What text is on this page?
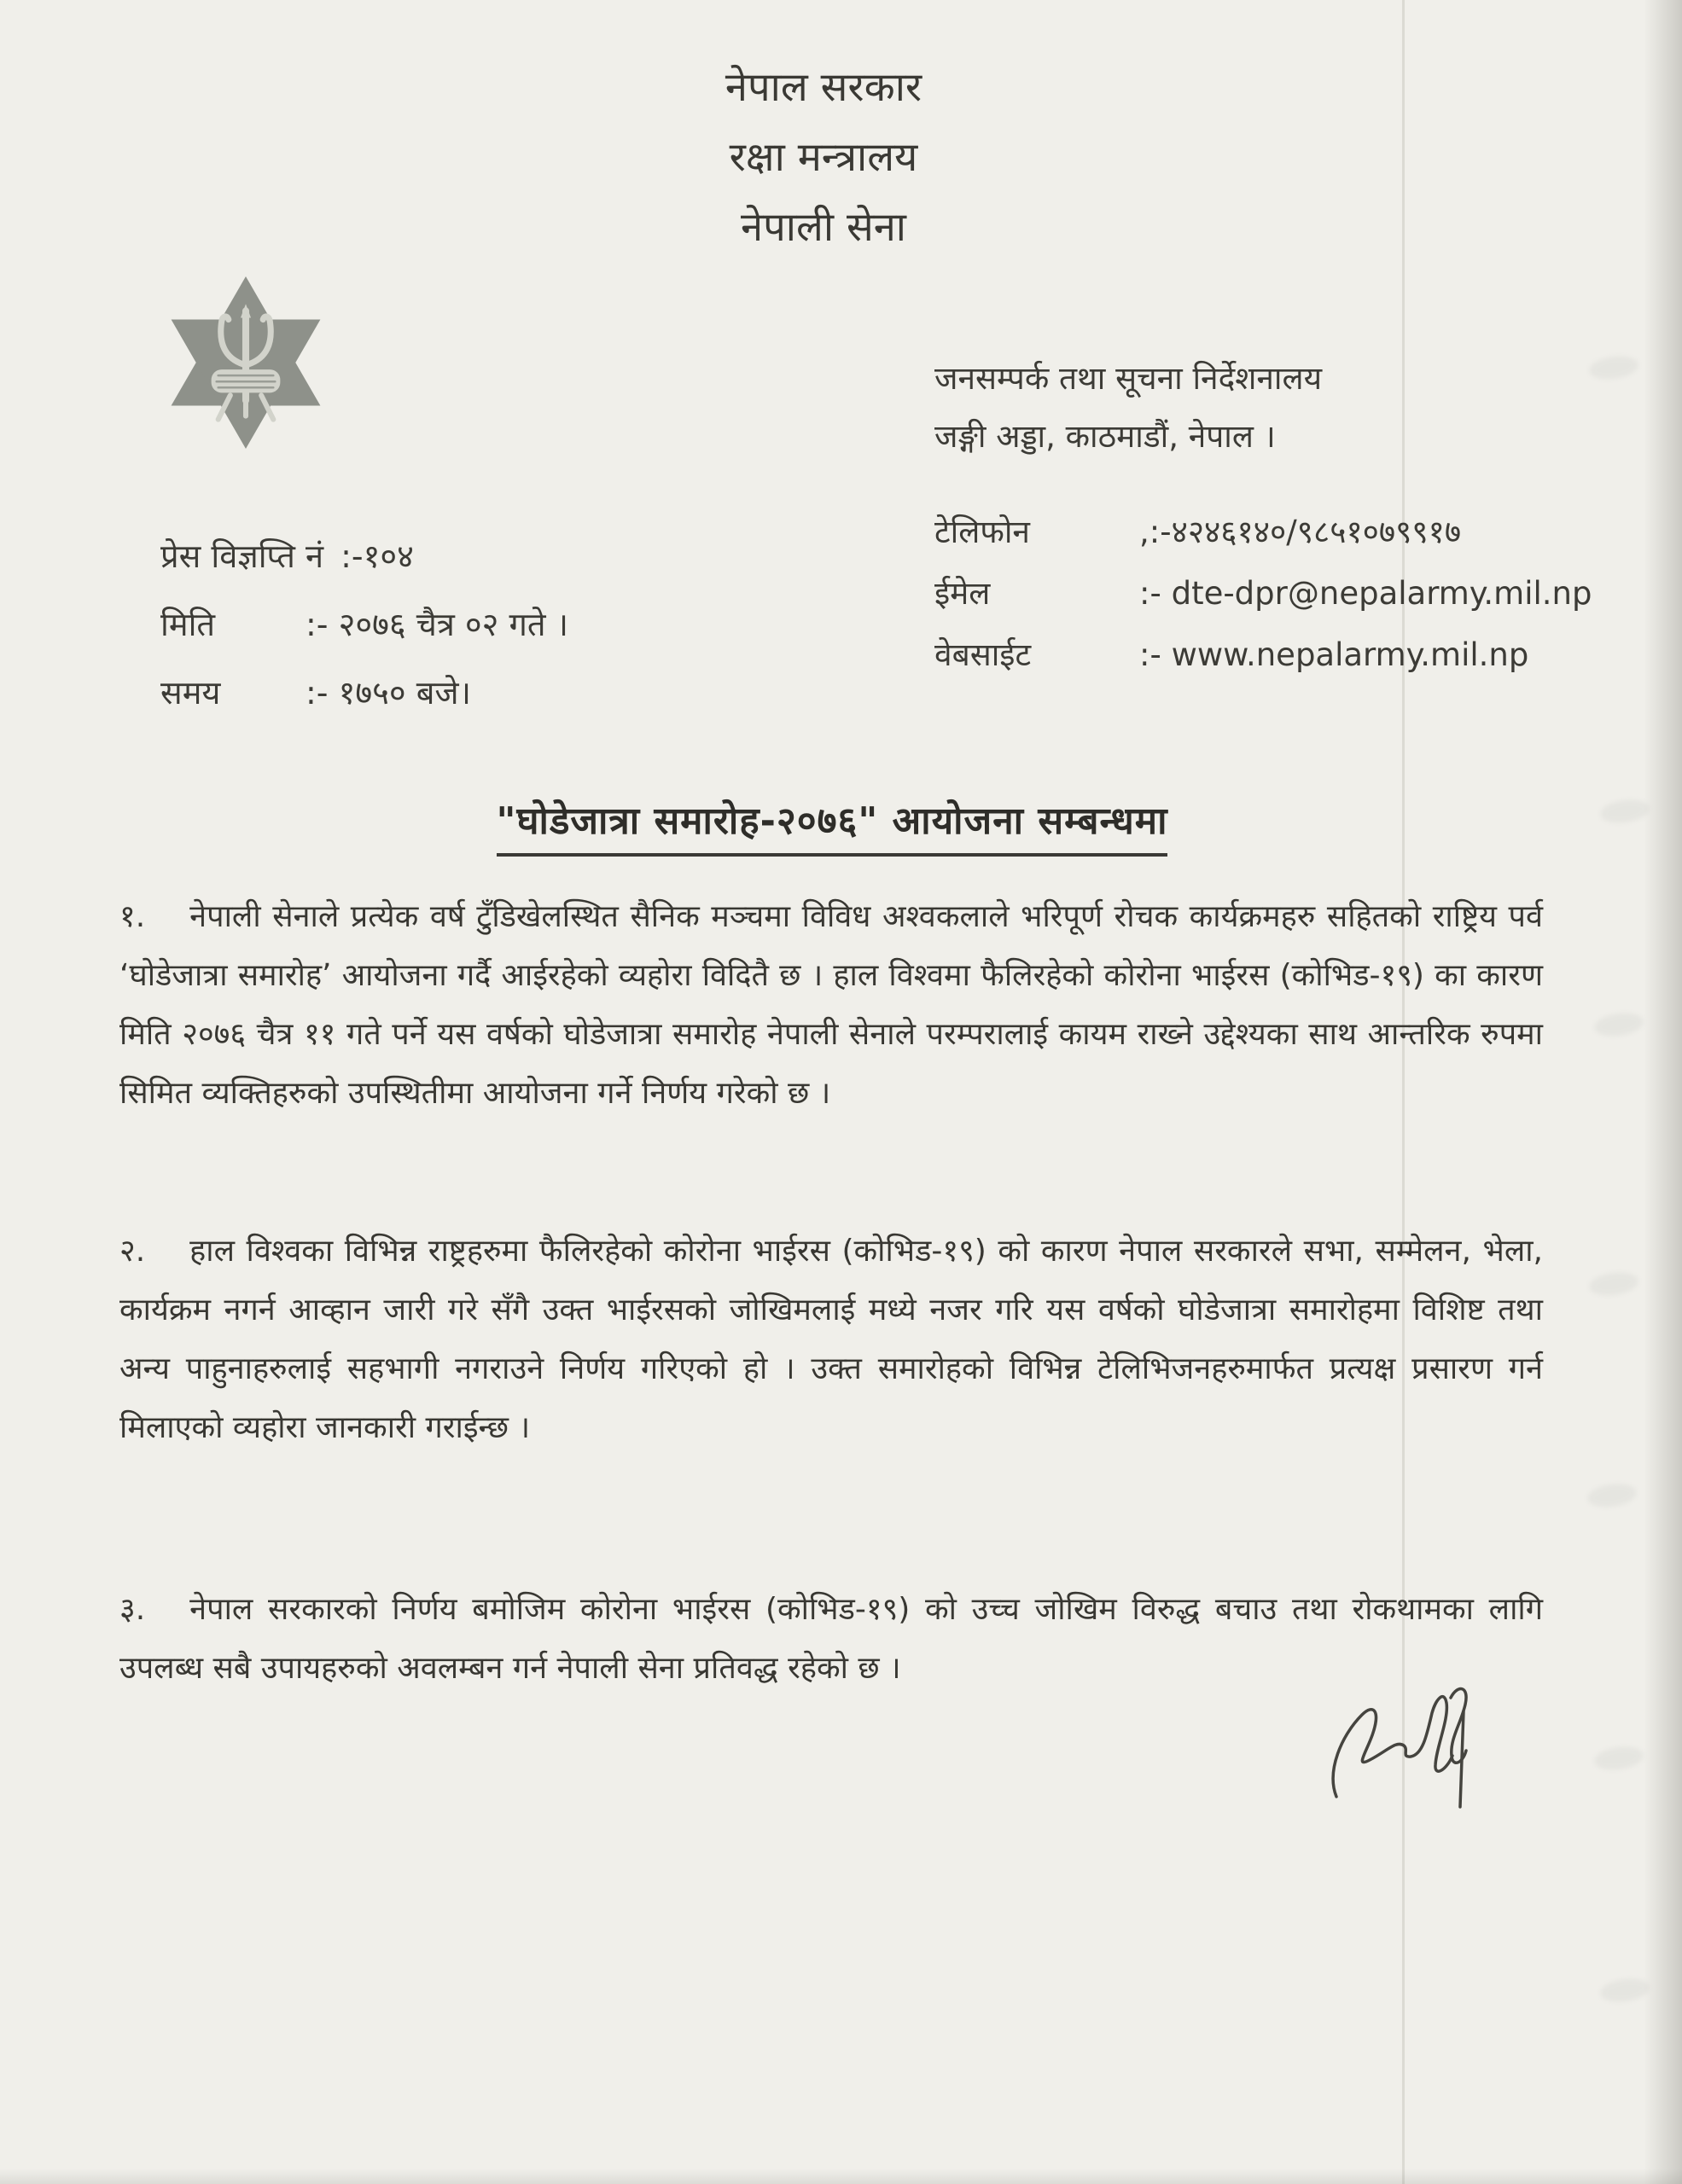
नेपाल सरकार
रक्षा मन्त्रालय
नेपाली सेना
जनसम्पर्क तथा सूचना निर्देशनालय
जङ्गी अड्डा, काठमाडौं, नेपाल ।
टेलिफोन	,:-४२४६१४०/९८५१०७९९१७
ईमेल	:- dte-dpr@nepalarmy.mil.np
वेबसाईट	:- www.nepalarmy.mil.np
प्रेस विज्ञप्ति नं :-१०४
मिति	:- २०७६ चैत्र ०२ गते ।
समय	:- १७५० बजे।
"घोडेजात्रा समारोह-२०७६" आयोजना सम्बन्धमा

१. नेपाली सेनाले प्रत्येक वर्ष टुँडिखेलस्थित सैनिक मञ्चमा विविध अश्वकलाले भरिपूर्ण रोचक कार्यक्रमहरु सहितको राष्ट्रिय पर्व ‘घोडेजात्रा समारोह’ आयोजना गर्दै आईरहेको व्यहोरा विदितै छ । हाल विश्वमा फैलिरहेको कोरोना भाईरस (कोभिड-१९) का कारण मिति २०७६ चैत्र ११ गते पर्ने यस वर्षको घोडेजात्रा समारोह नेपाली सेनाले परम्परालाई कायम राख्ने उद्देश्यका साथ आन्तरिक रुपमा सिमित व्यक्तिहरुको उपस्थितीमा आयोजना गर्ने निर्णय गरेको छ ।

२. हाल विश्वका विभिन्न राष्ट्रहरुमा फैलिरहेको कोरोना भाईरस (कोभिड-१९) को कारण नेपाल सरकारले सभा, सम्मेलन, भेला, कार्यक्रम नगर्न आव्हान जारी गरे सँगै उक्त भाईरसको जोखिमलाई मध्ये नजर गरि यस वर्षको घोडेजात्रा समारोहमा विशिष्ट तथा अन्य पाहुनाहरुलाई सहभागी नगराउने निर्णय गरिएको हो । उक्त समारोहको विभिन्न टेलिभिजनहरुमार्फत प्रत्यक्ष प्रसारण गर्न मिलाएको व्यहोरा जानकारी गराईन्छ ।

३. नेपाल सरकारको निर्णय बमोजिम कोरोना भाईरस (कोभिड-१९) को उच्च जोखिम विरुद्ध बचाउ तथा रोकथामका लागि उपलब्ध सबै उपायहरुको अवलम्बन गर्न नेपाली सेना प्रतिवद्ध रहेको छ ।
